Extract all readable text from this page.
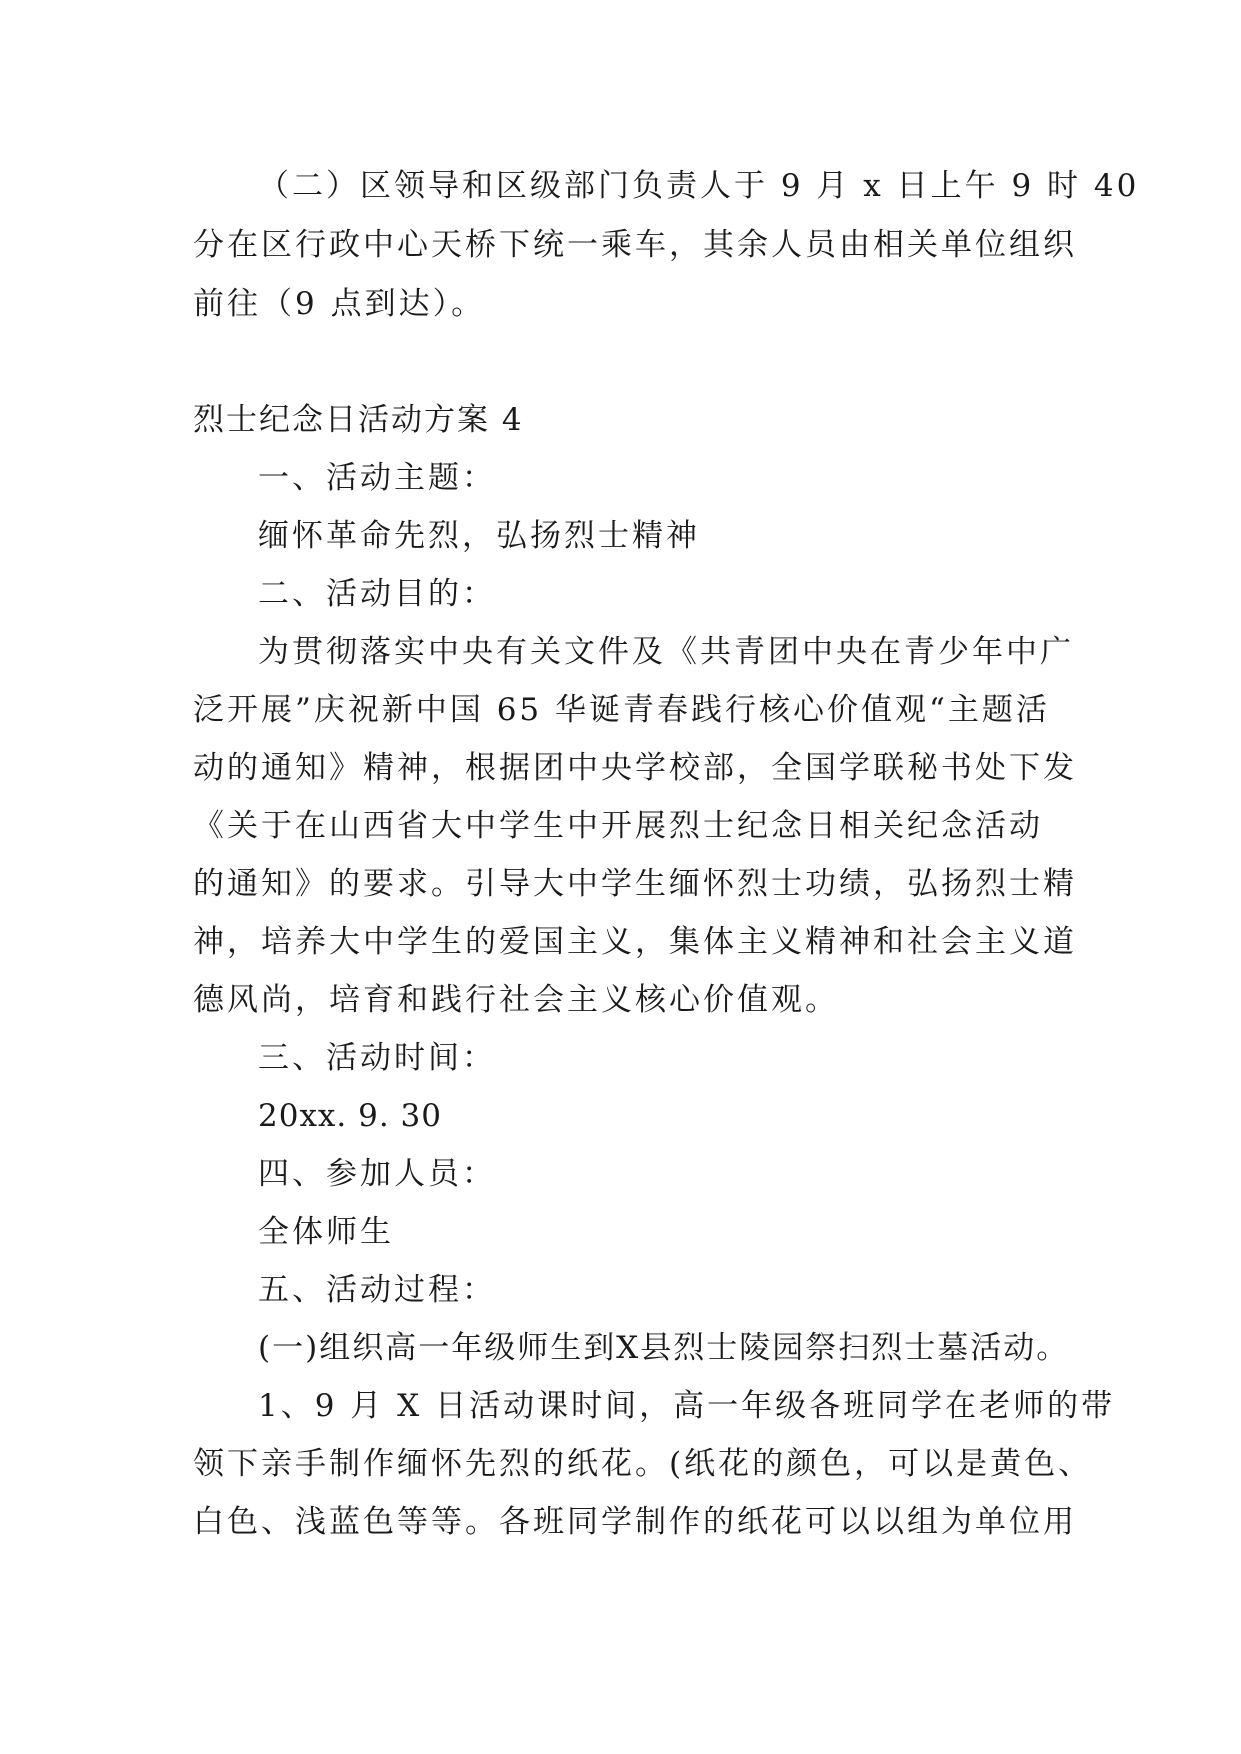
（二）区领导和区级部门负责人于 9 月 x 日上午 9 时 40
分在区行政中心天桥下统一乘车，其余人员由相关单位组织
前往（9 点到达）。
烈士纪念日活动方案 4
一、活动主题：
缅怀革命先烈，弘扬烈士精神
二、活动目的：
为贯彻落实中央有关文件及《共青团中央在青少年中广
泛开展”庆祝新中国 65 华诞青春践行核心价值观“主题活
动的通知》精神，根据团中央学校部，全国学联秘书处下发
《关于在山西省大中学生中开展烈士纪念日相关纪念活动
的通知》的要求。引导大中学生缅怀烈士功绩，弘扬烈士精
神，培养大中学生的爱国主义，集体主义精神和社会主义道
德风尚，培育和践行社会主义核心价值观。
三、活动时间：
20xx. 9. 30
四、参加人员：
全体师生
五、活动过程：
(一)组织高一年级师生到X县烈士陵园祭扫烈士墓活动。
1、9 月 X 日活动课时间，高一年级各班同学在老师的带
领下亲手制作缅怀先烈的纸花。(纸花的颜色，可以是黄色、
白色、浅蓝色等等。各班同学制作的纸花可以以组为单位用
